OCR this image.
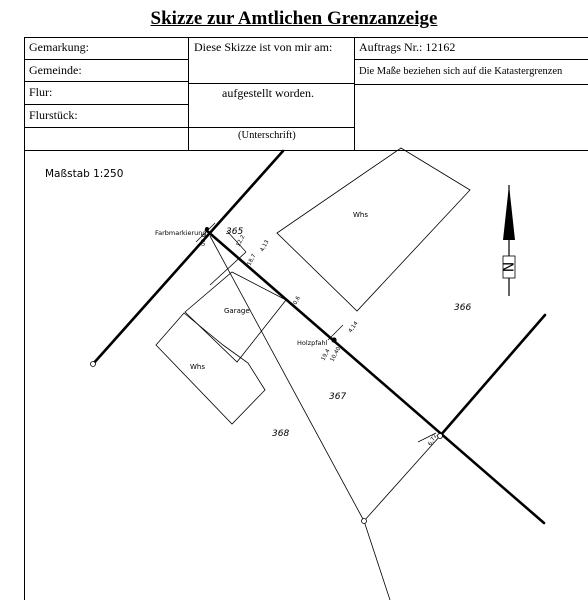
Skizze zur Amtlichen Grenzanzeige
Gemarkung:
Gemeinde:
Flur:
Flurstück:
Diese Skizze ist von mir am:
aufgestellt worden.
(Unterschrift)
Auftrags Nr.: 12162
Die Maße beziehen sich auf die Katastergrenzen
N
Maßstab 1:250
Farbmarkierung
Holzpfahl
Garage
Whs
Whs
365
366
367
368
00,0	12,2
18,7
4,13
0,6
4,14
19,4
10,40
6,72
